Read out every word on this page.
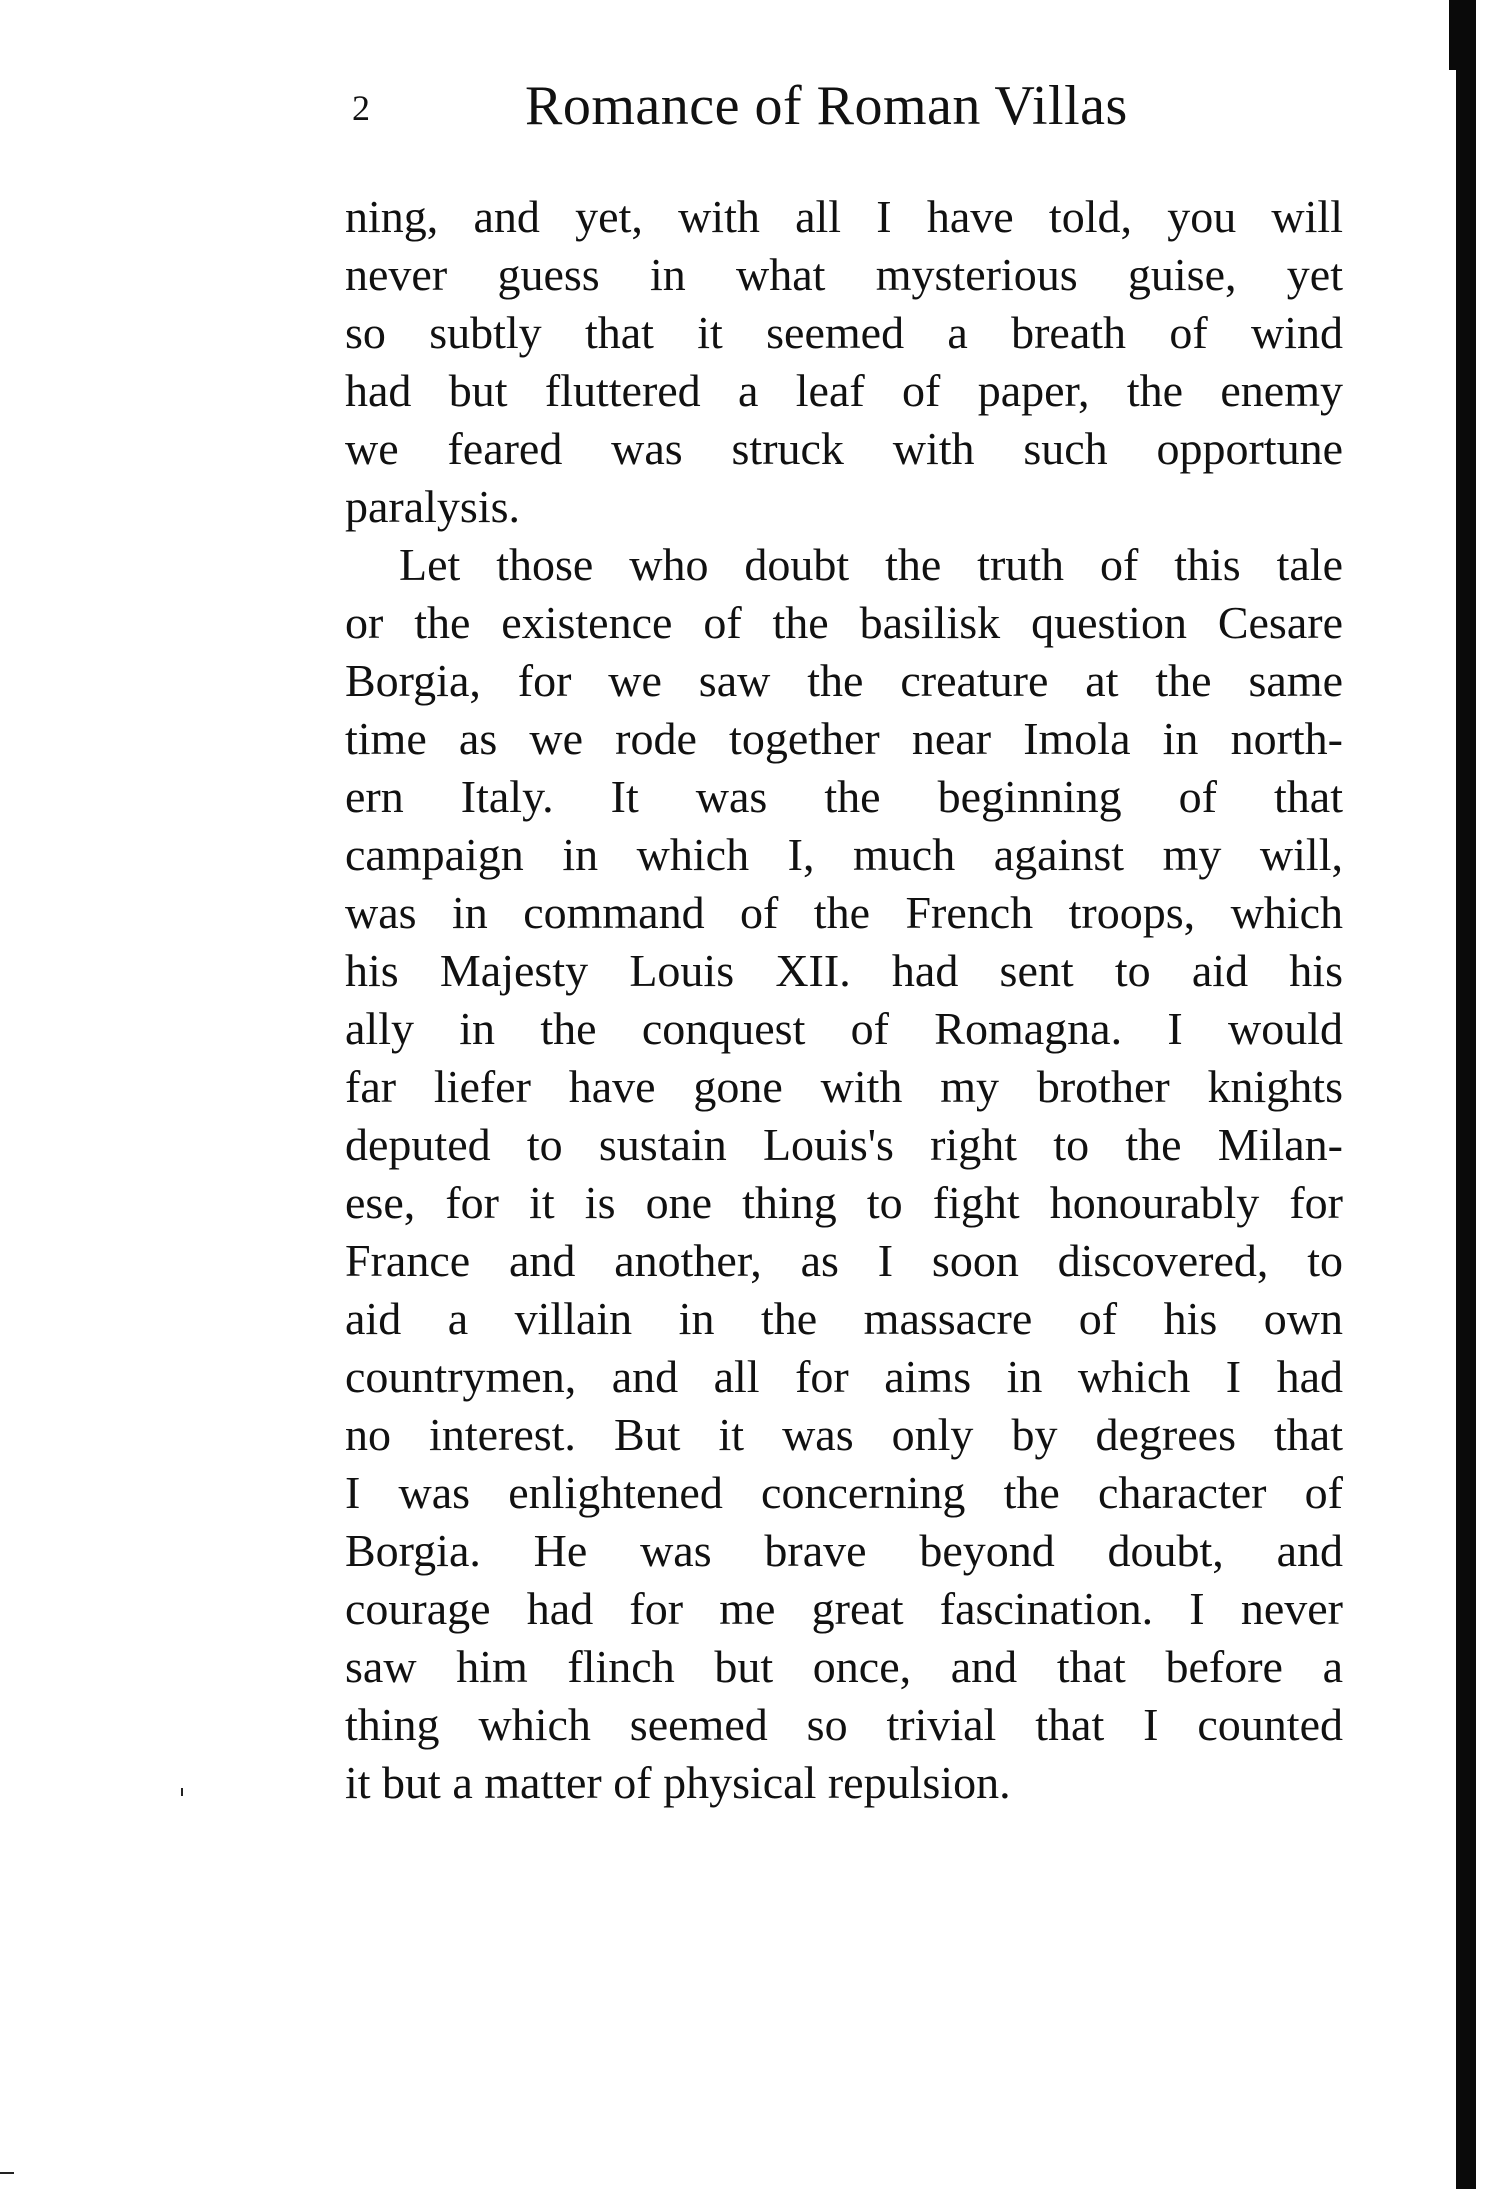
2	Romance of Roman Villas
ning, and yet, with all I have told, you will
never guess in what mysterious guise, yet
so subtly that it seemed a breath of wind
had but fluttered a leaf of paper, the enemy
we feared was struck with such opportune
paralysis.
Let those who doubt the truth of this tale
or the existence of the basilisk question Cesare
Borgia, for we saw the creature at the same
time as we rode together near Imola in north-
ern Italy. It was the beginning of that
campaign in which I, much against my will,
was in command of the French troops, which
his Majesty Louis XII. had sent to aid his
ally in the conquest of Romagna. I would
far liefer have gone with my brother knights
deputed to sustain Louis's right to the Milan-
ese, for it is one thing to fight honourably for
France and another, as I soon discovered, to
aid a villain in the massacre of his own
countrymen, and all for aims in which I had
no interest. But it was only by degrees that
I was enlightened concerning the character of
Borgia. He was brave beyond doubt, and
courage had for me great fascination. I never
saw him flinch but once, and that before a
thing which seemed so trivial that I counted
it but a matter of physical repulsion.
